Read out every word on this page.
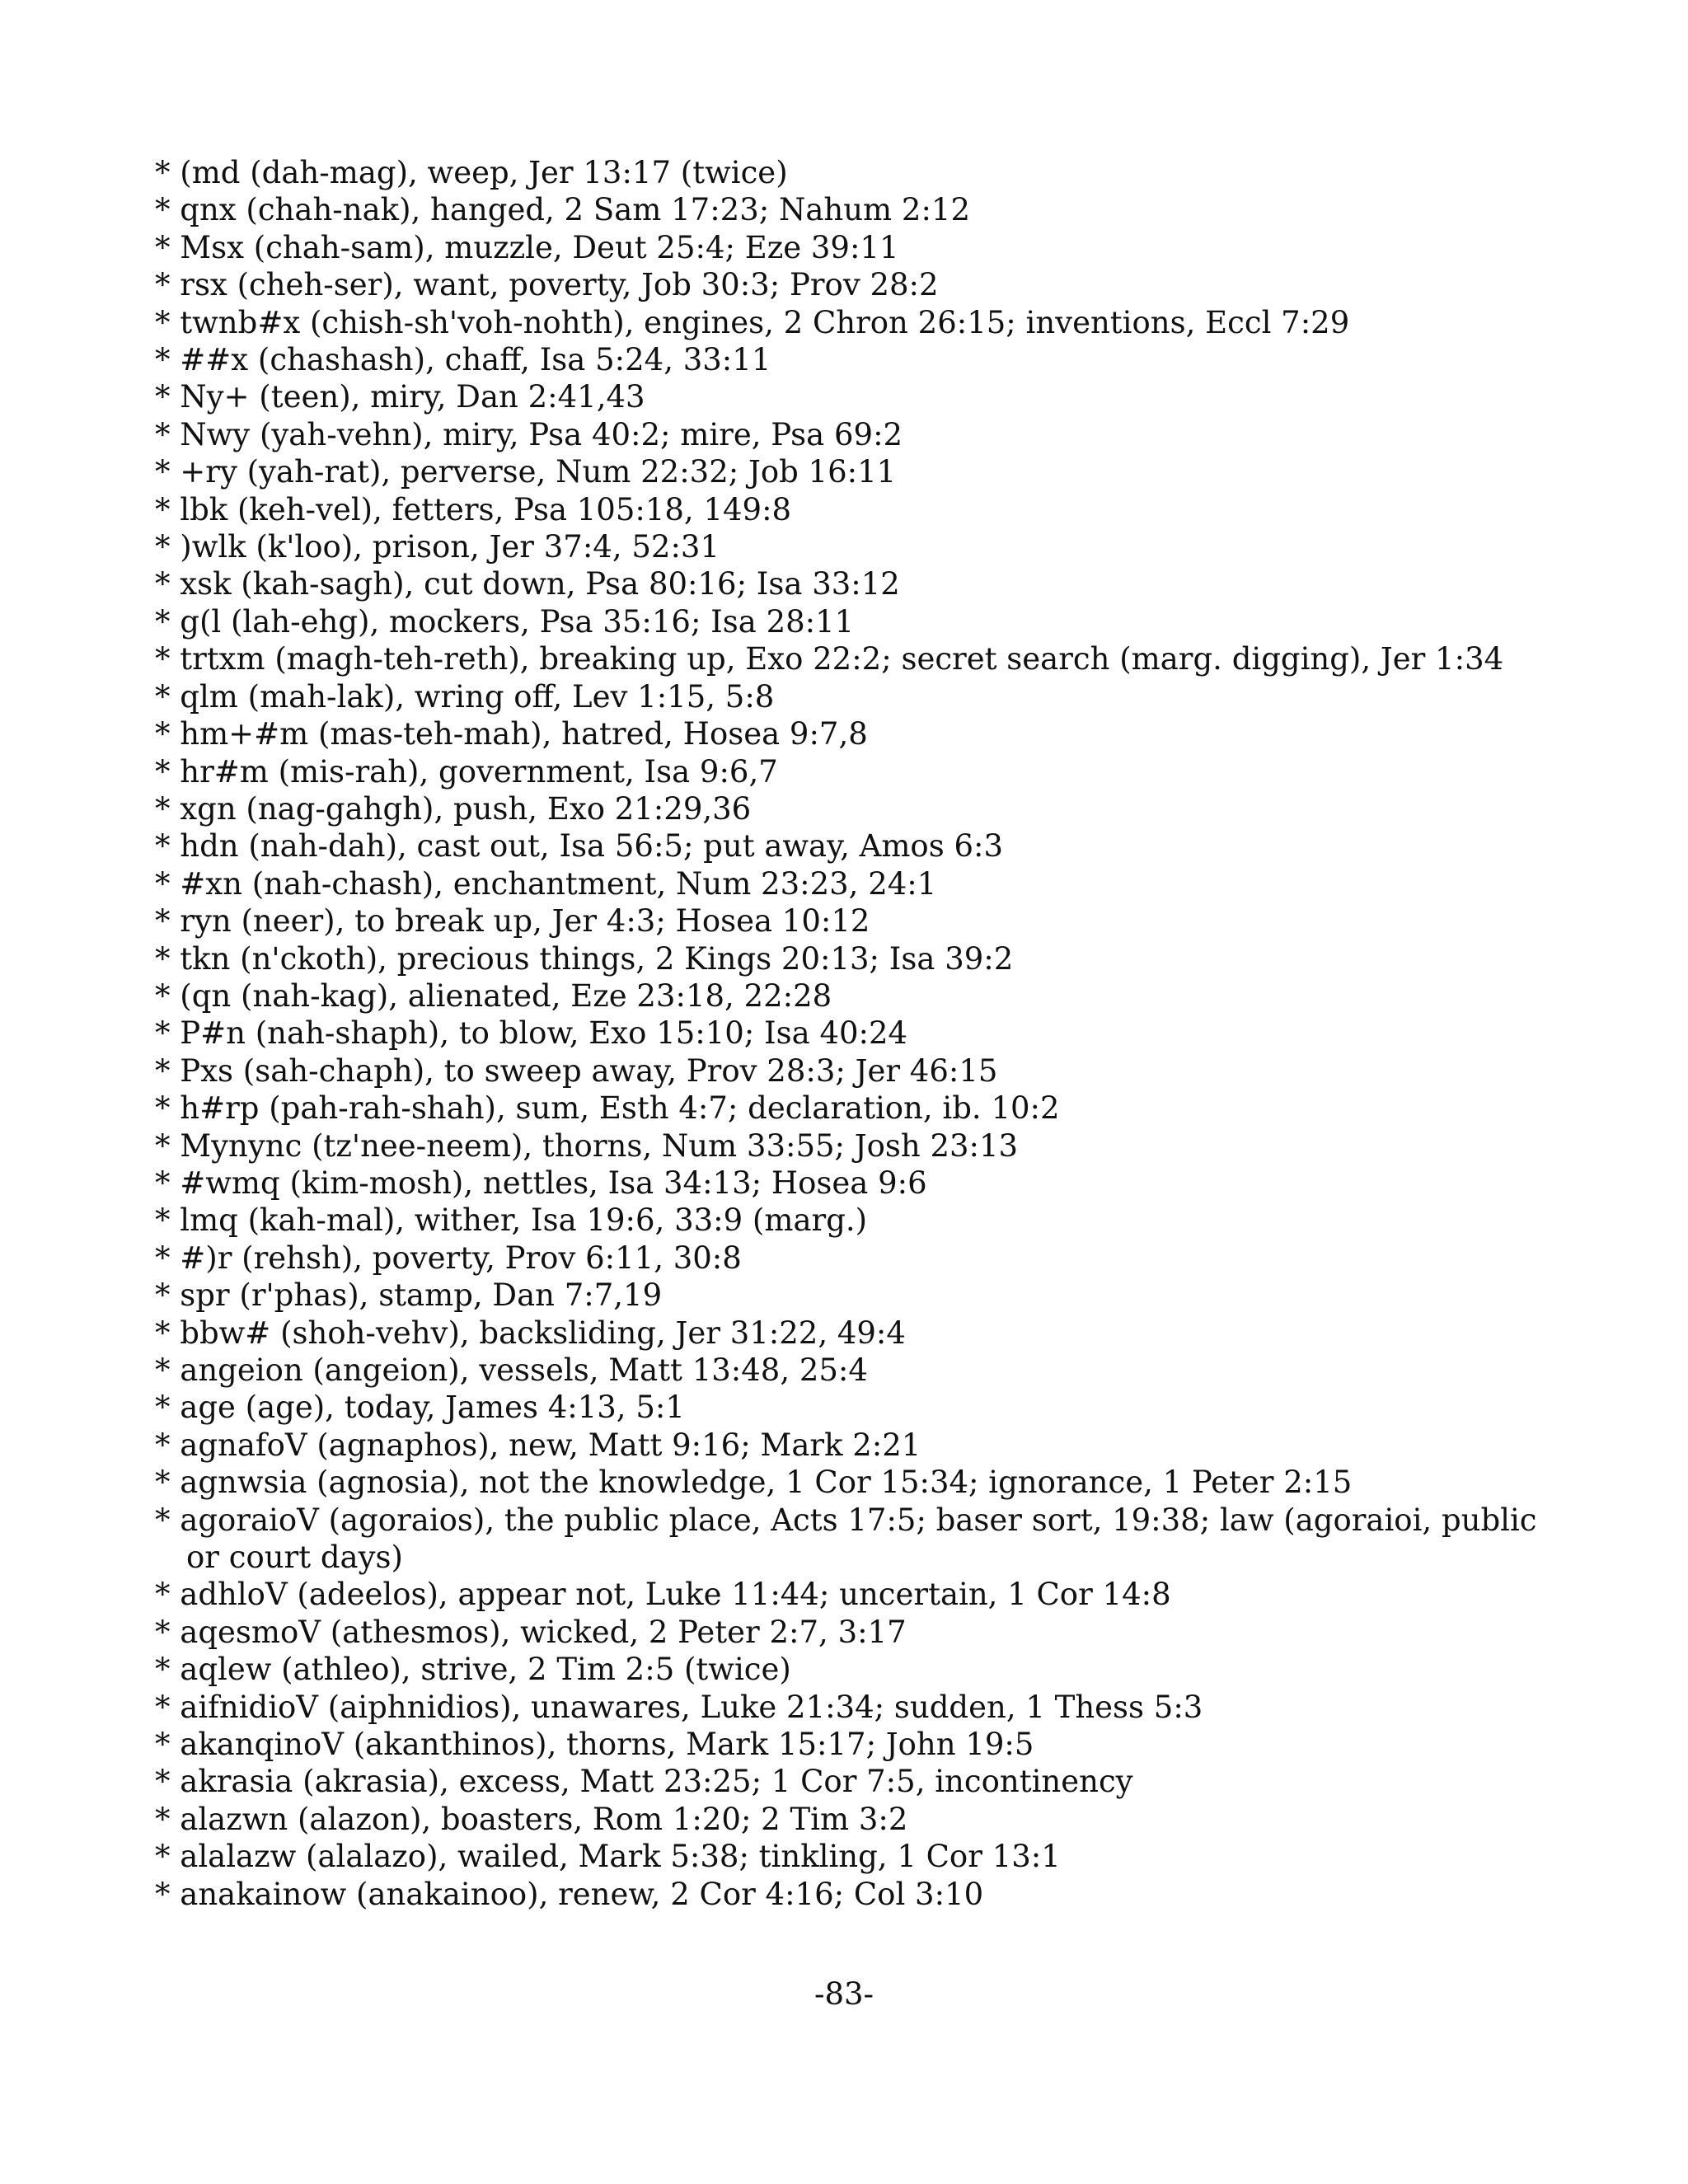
* (md (dah-mag), weep, Jer 13:17 (twice)
* qnx (chah-nak), hanged, 2 Sam 17:23; Nahum 2:12
* Msx (chah-sam), muzzle, Deut 25:4; Eze 39:11
* rsx (cheh-ser), want, poverty, Job 30:3; Prov 28:2
* twnb#x (chish-sh'voh-nohth), engines, 2 Chron 26:15; inventions, Eccl 7:29
* ##x (chashash), chaff, Isa 5:24, 33:11
* Ny+ (teen), miry, Dan 2:41,43
* Nwy (yah-vehn), miry, Psa 40:2; mire, Psa 69:2
* +ry (yah-rat), perverse, Num 22:32; Job 16:11
* lbk (keh-vel), fetters, Psa 105:18, 149:8
* )wlk (k'loo), prison, Jer 37:4, 52:31
* xsk (kah-sagh), cut down, Psa 80:16; Isa 33:12
* g(l (lah-ehg), mockers, Psa 35:16; Isa 28:11
* trtxm (magh-teh-reth), breaking up, Exo 22:2; secret search (marg. digging), Jer 1:34
* qlm (mah-lak), wring off, Lev 1:15, 5:8
* hm+#m (mas-teh-mah), hatred, Hosea 9:7,8
* hr#m (mis-rah), government, Isa 9:6,7
* xgn (nag-gahgh), push, Exo 21:29,36
* hdn (nah-dah), cast out, Isa 56:5; put away, Amos 6:3
* #xn (nah-chash), enchantment, Num 23:23, 24:1
* ryn (neer), to break up, Jer 4:3; Hosea 10:12
* tkn (n'ckoth), precious things, 2 Kings 20:13; Isa 39:2
* (qn (nah-kag), alienated, Eze 23:18, 22:28
* P#n (nah-shaph), to blow, Exo 15:10; Isa 40:24
* Pxs (sah-chaph), to sweep away, Prov 28:3; Jer 46:15
* h#rp (pah-rah-shah), sum, Esth 4:7; declaration, ib. 10:2
* Mynync (tz'nee-neem), thorns, Num 33:55; Josh 23:13
* #wmq (kim-mosh), nettles, Isa 34:13; Hosea 9:6
* lmq (kah-mal), wither, Isa 19:6, 33:9 (marg.)
* #)r (rehsh), poverty, Prov 6:11, 30:8
* spr (r'phas), stamp, Dan 7:7,19
* bbw# (shoh-vehv), backsliding, Jer 31:22, 49:4
* angeion (angeion), vessels, Matt 13:48, 25:4
* age (age), today, James 4:13, 5:1
* agnafoV (agnaphos), new, Matt 9:16; Mark 2:21
* agnwsia (agnosia), not the knowledge, 1 Cor 15:34; ignorance, 1 Peter 2:15
* agoraioV (agoraios), the public place, Acts 17:5; baser sort, 19:38; law (agoraioi, public or court days)
* adhloV (adeelos), appear not, Luke 11:44; uncertain, 1 Cor 14:8
* aqesmoV (athesmos), wicked, 2 Peter 2:7, 3:17
* aqlew (athleo), strive, 2 Tim 2:5 (twice)
* aifnidioV (aiphnidios), unawares, Luke 21:34; sudden, 1 Thess 5:3
* akanqinoV (akanthinos), thorns, Mark 15:17; John 19:5
* akrasia (akrasia), excess, Matt 23:25; 1 Cor 7:5, incontinency
* alazwn (alazon), boasters, Rom 1:20; 2 Tim 3:2
* alalazw (alalazo), wailed, Mark 5:38; tinkling, 1 Cor 13:1
* anakainow (anakainoo), renew, 2 Cor 4:16; Col 3:10
-83-
